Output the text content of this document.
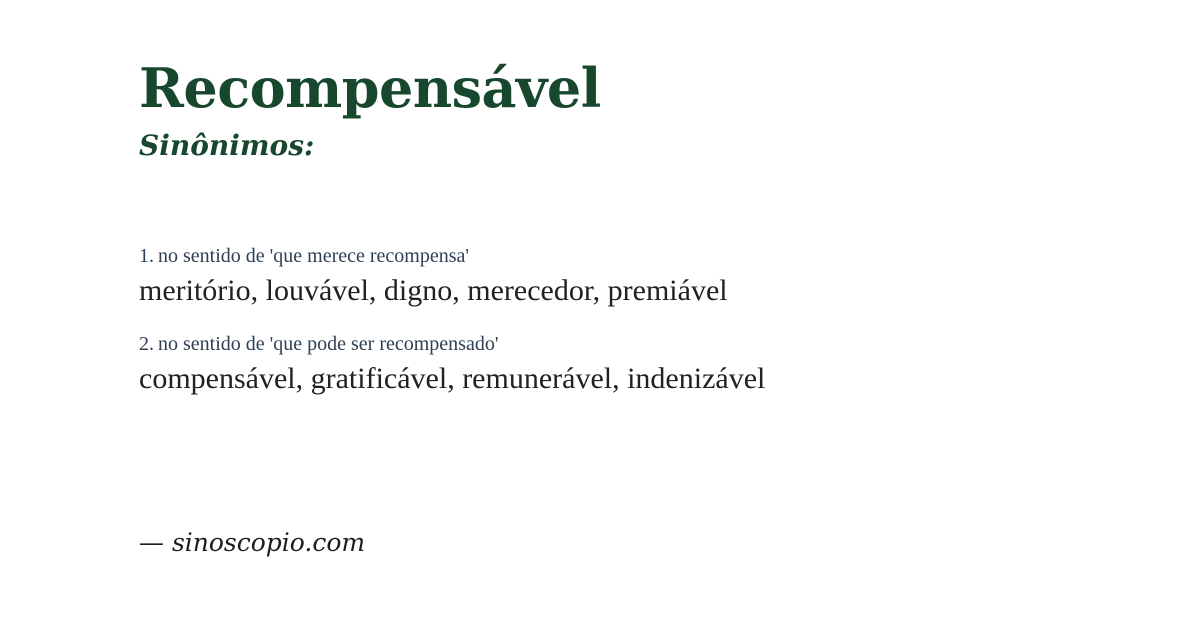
Recompensável
Sinônimos:
1. no sentido de 'que merece recompensa'
meritório, louvável, digno, merecedor, premiável
2. no sentido de 'que pode ser recompensado'
compensável, gratificável, remunerável, indenizável
— sinoscopio.com
